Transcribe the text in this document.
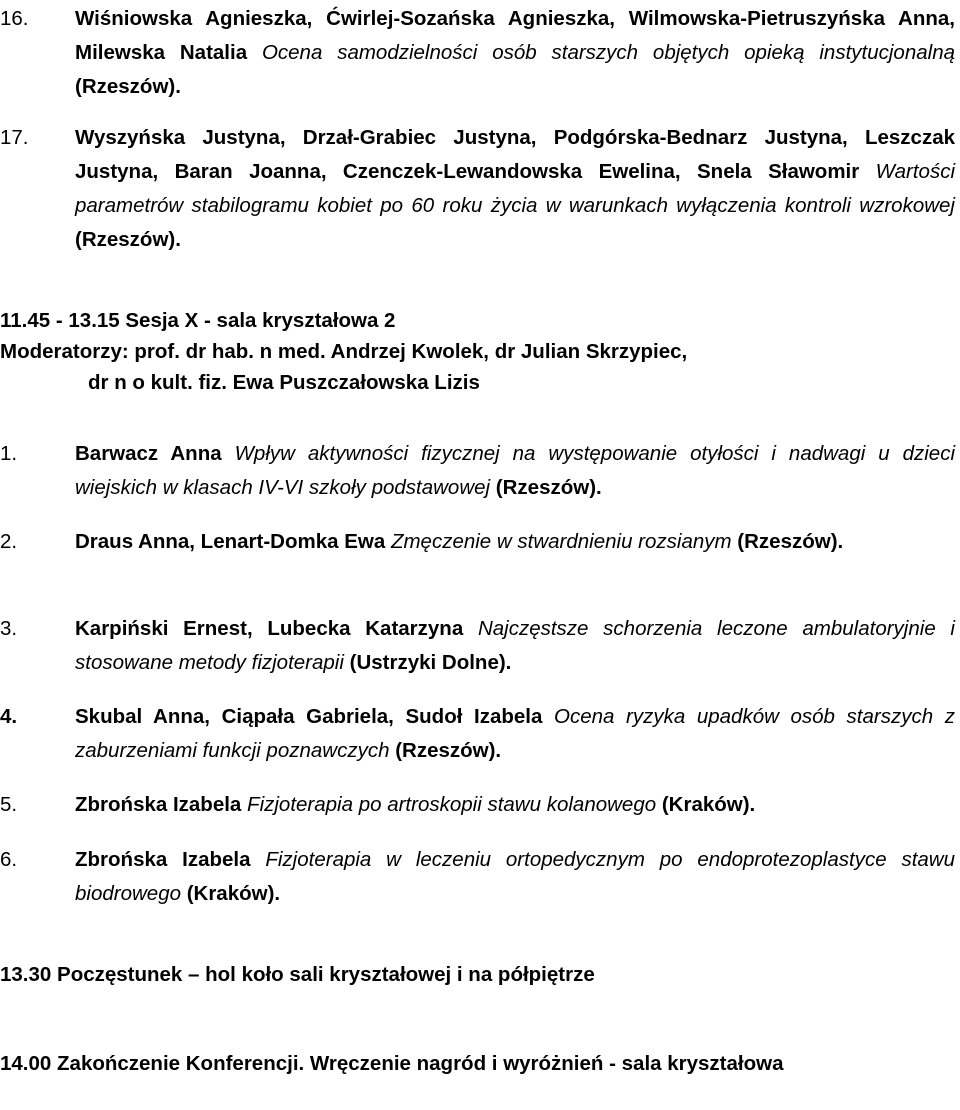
16. Wiśniowska Agnieszka, Ćwirlej-Sozańska Agnieszka, Wilmowska-Pietruszyńska Anna, Milewska Natalia Ocena samodzielności osób starszych objętych opieką instytucjonalną (Rzeszów).
17. Wyszyńska Justyna, Drzał-Grabiec Justyna, Podgórska-Bednarz Justyna, Leszczak Justyna, Baran Joanna, Czenczek-Lewandowska Ewelina, Snela Sławomir Wartości parametrów stabilogramu kobiet po 60 roku życia w warunkach wyłączenia kontroli wzrokowej (Rzeszów).
11.45 - 13.15 Sesja X - sala kryształowa 2
Moderatorzy: prof. dr hab. n med. Andrzej Kwolek, dr Julian Skrzypiec,
dr n o kult. fiz. Ewa Puszczałowska Lizis
1.	Barwacz Anna Wpływ aktywności fizycznej na występowanie otyłości i nadwagi u dzieci wiejskich w klasach IV-VI szkoły podstawowej (Rzeszów).
2.	Draus Anna, Lenart-Domka Ewa Zmęczenie w stwardnieniu rozsianym (Rzeszów).
3.	Karpiński Ernest, Lubecka Katarzyna Najczęstsze schorzenia leczone ambulatoryjnie i stosowane metody fizjoterapii (Ustrzyki Dolne).
4.	Skubal Anna, Ciąpała Gabriela, Sudoł Izabela Ocena ryzyka upadków osób starszych z zaburzeniami funkcji poznawczych (Rzeszów).
5.	Zbrońska Izabela Fizjoterapia po artroskopii stawu kolanowego (Kraków).
6.	Zbrońska Izabela Fizjoterapia w leczeniu ortopedycznym po endoprotezoplastyce stawu biodrowego (Kraków).
13.30 Poczęstunek – hol koło sali kryształowej i na półpiętrze
14.00 Zakończenie Konferencji. Wręczenie nagród i wyróżnień - sala kryształowa
